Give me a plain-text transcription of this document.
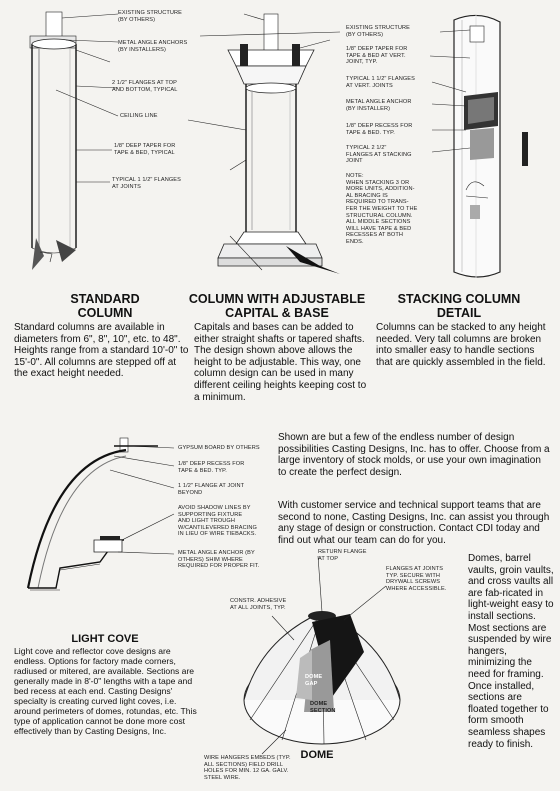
EXISTING STRUCTURE
(BY OTHERS)
METAL ANGLE ANCHORS
(BY INSTALLERS)
2 1/2" FLANGES AT TOP
AND BOTTOM, TYPICAL
CEILING LINE
1/8" DEEP TAPER FOR
TAPE & BED, TYPICAL
TYPICAL 1 1/2" FLANGES
AT JOINTS
EXISTING STRUCTURE
(BY OTHERS)
1/8" DEEP TAPER FOR
TAPE & BED AT VERT.
JOINT, TYP.
TYPICAL 1 1/2" FLANGES
AT VERT. JOINTS
METAL ANGLE ANCHOR
(BY INSTALLER)
1/8" DEEP RECESS FOR
TAPE & BED. TYP.
TYPICAL 2 1/2"
FLANGES AT STACKING
JOINT
NOTE:
WHEN STACKING 3 OR
MORE UNITS, ADDITION-
AL BRACING IS
REQUIRED TO TRANS-
FER THE WEIGHT TO THE
STRUCTURAL COLUMN.
ALL MIDDLE SECTIONS
WILL HAVE TAPE & BED
RECESSES AT BOTH
ENDS.
STANDARD
COLUMN
Standard columns are available in diameters from 6", 8", 10", etc. to 48". Heights range from a standard 10'-0" to 15'-0". All columns are stepped off at the exact height needed.
COLUMN WITH ADJUSTABLE
CAPITAL & BASE
Capitals and bases can be added to either straight shafts or tapered shafts. The design shown above allows the height to be adjustable. This way, one column design can be used in many different ceiling heights keeping cost to a minimum.
STACKING COLUMN
DETAIL
Columns can be stacked to any height needed. Very tall columns are broken into smaller easy to handle sections that are quickly assembled in the field.
Shown are but a few of the endless number of design possibilities Casting Designs, Inc. has to offer. Choose from a large inventory of stock molds, or use your own imagination to create the perfect design.
With customer service and technical support teams that are second to none, Casting Designs, Inc. can assist you through any stage of design or construction. Contact CDI today and find out what our team can do for you.
GYPSUM BOARD BY OTHERS
1/8" DEEP RECESS FOR
TAPE & BED. TYP.
1 1/2" FLANGE AT JOINT
BEYOND
AVOID SHADOW LINES BY
SUPPORTING FIXTURE
AND LIGHT TROUGH
W/CANTILEVERED BRACING
IN LIEU OF WIRE TIEBACKS.
METAL ANGLE ANCHOR (BY
OTHERS) SHIM WHERE
REQUIRED FOR PROPER FIT.
LIGHT COVE
Light cove and reflector cove designs are endless. Options for factory made corners, radiused or mitered, are available. Sections are generally made in 8'-0" lengths with a tape and bed recess at each end. Casting Designs' specialty is creating curved light coves, i.e. around perimeters of domes, rotundas, etc. This type of application cannot be done more cost effectively than by Casting Designs, Inc.
RETURN FLANGE
AT TOP
FLANGES AT JOINTS
TYP. SECURE WITH
DRYWALL SCREWS
WHERE ACCESSIBLE.
CONSTR. ADHESIVE
AT ALL JOINTS, TYP.
DOME
GAP
DOME
SECTION
WIRE HANGERS EMBEDS (TYP.
ALL SECTIONS) FIELD DRILL
HOLES FOR MIN. 12 GA. GALV.
STEEL WIRE.
DOME
Domes, barrel vaults, groin vaults, and cross vaults all are fab-ricated in light-weight easy to install sections. Most sections are suspended by wire hangers, minimizing the need for framing. Once installed, sections are floated together to form smooth seamless shapes ready to finish.
